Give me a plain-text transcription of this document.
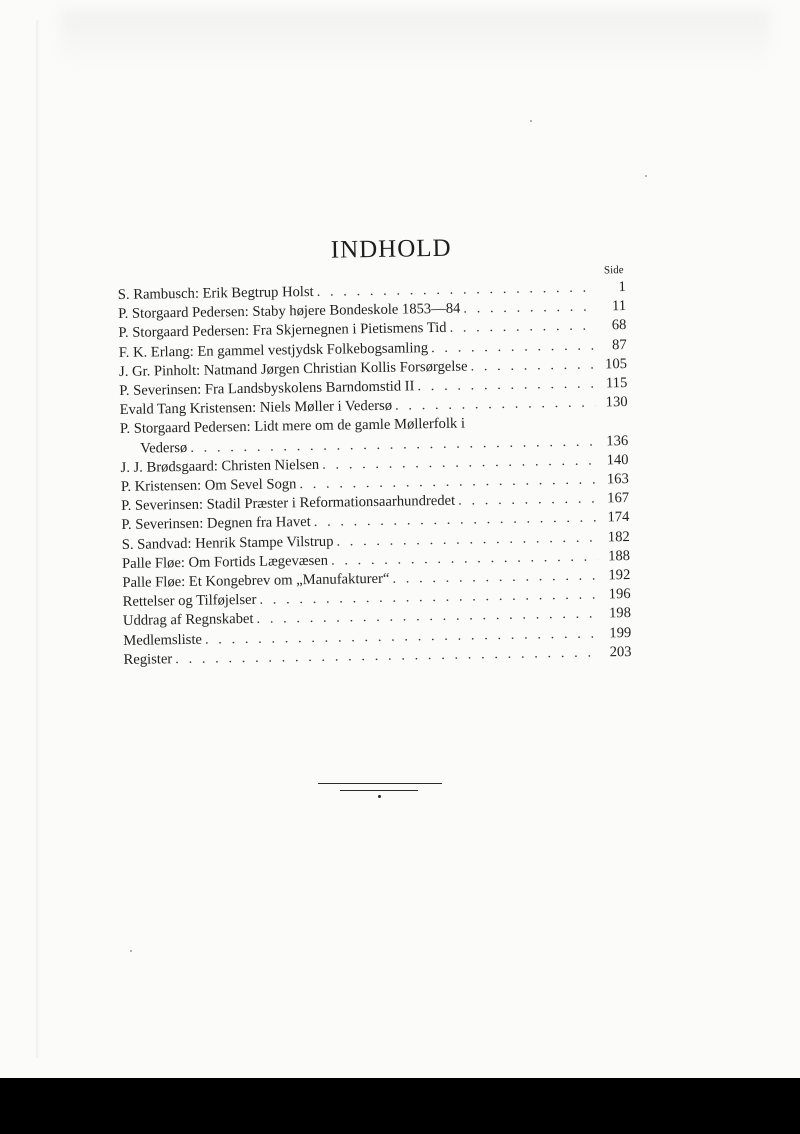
INDHOLD
Side
S. Rambusch: Erik Begtrup Holst . . .	1
P. Storgaard Pedersen: Staby højere Bondeskole 1853—84 . . .	11
P. Storgaard Pedersen: Fra Skjernegnen i Pietismens Tid . . .	68
F. K. Erlang: En gammel vestjydsk Folkebogsamling . . .	87
J. Gr. Pinholt: Natmand Jørgen Christian Kollis Forsørgelse . . .	105
P. Severinsen: Fra Landsbyskolens Barndomstid II . . .	115
Evald Tang Kristensen: Niels Møller i Vedersø . . .	130
P. Storgaard Pedersen: Lidt mere om de gamle Møllerfolk i
Vedersø . . .	136
J. J. Brødsgaard: Christen Nielsen . . .	140
P. Kristensen: Om Sevel Sogn . . .	163
P. Severinsen: Stadil Præster i Reformationsaarhundredet . . .	167
P. Severinsen: Degnen fra Havet . . .	174
S. Sandvad: Henrik Stampe Vilstrup . . .	182
Palle Fløe: Om Fortids Lægevæsen . . .	188
Palle Fløe: Et Kongebrev om „Manufakturer“ . . .	192
Rettelser og Tilføjelser . . .	196
Uddrag af Regnskabet . . .	198
Medlemsliste . . .	199
Register . . .	203
